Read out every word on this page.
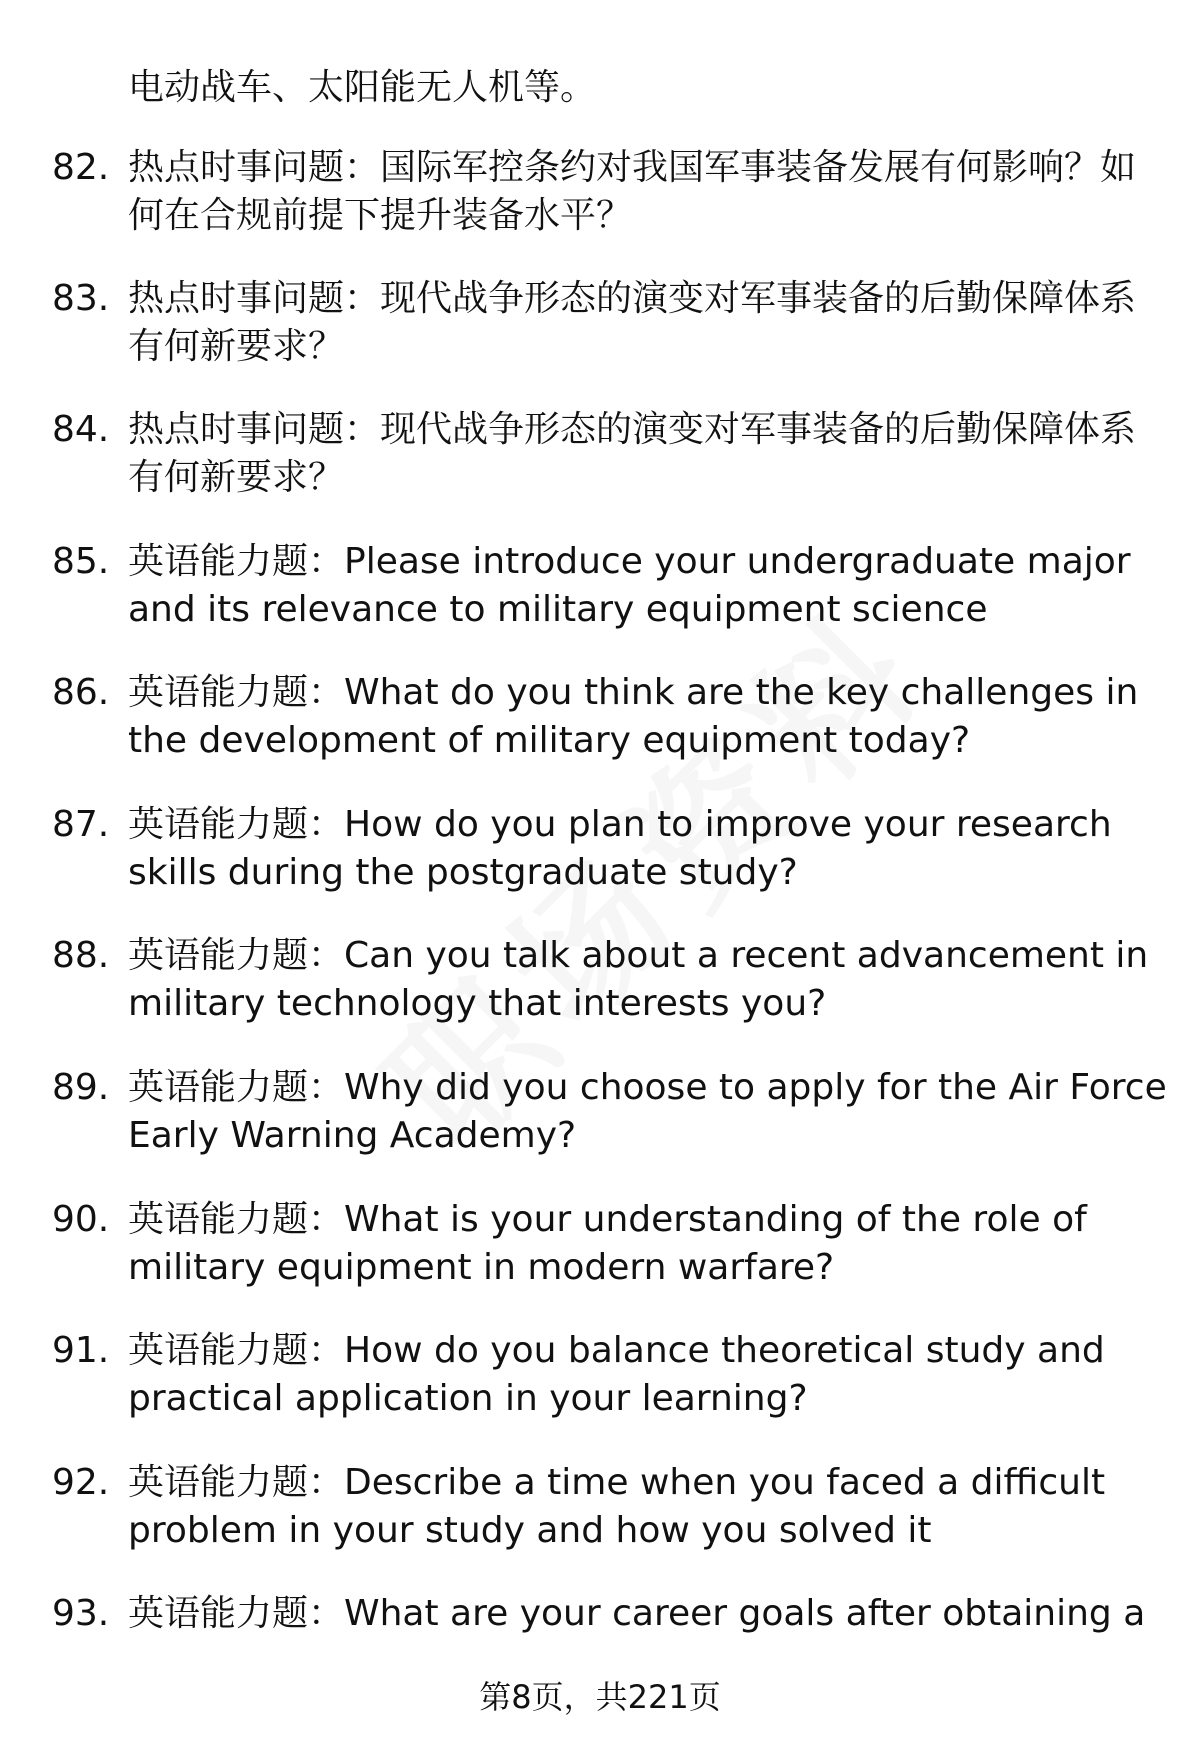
电动战车、太阳能无人机等。
82. 热点时事问题：国际军控条约对我国军事装备发展有何影响？如
何在合规前提下提升装备水平？
83. 热点时事问题：现代战争形态的演变对军事装备的后勤保障体系
有何新要求？
84. 热点时事问题：现代战争形态的演变对军事装备的后勤保障体系
有何新要求？
85. 英语能力题：Please introduce your undergraduate major
and its relevance to military equipment science
86. 英语能力题：What do you think are the key challenges in
the development of military equipment today?
87. 英语能力题：How do you plan to improve your research
skills during the postgraduate study?
88. 英语能力题：Can you talk about a recent advancement in
military technology that interests you?
89. 英语能力题：Why did you choose to apply for the Air Force
Early Warning Academy?
90. 英语能力题：What is your understanding of the role of
military equipment in modern warfare?
91. 英语能力题：How do you balance theoretical study and
practical application in your learning?
92. 英语能力题：Describe a time when you faced a difficult
problem in your study and how you solved it
93. 英语能力题：What are your career goals after obtaining a
第8页，共221页
